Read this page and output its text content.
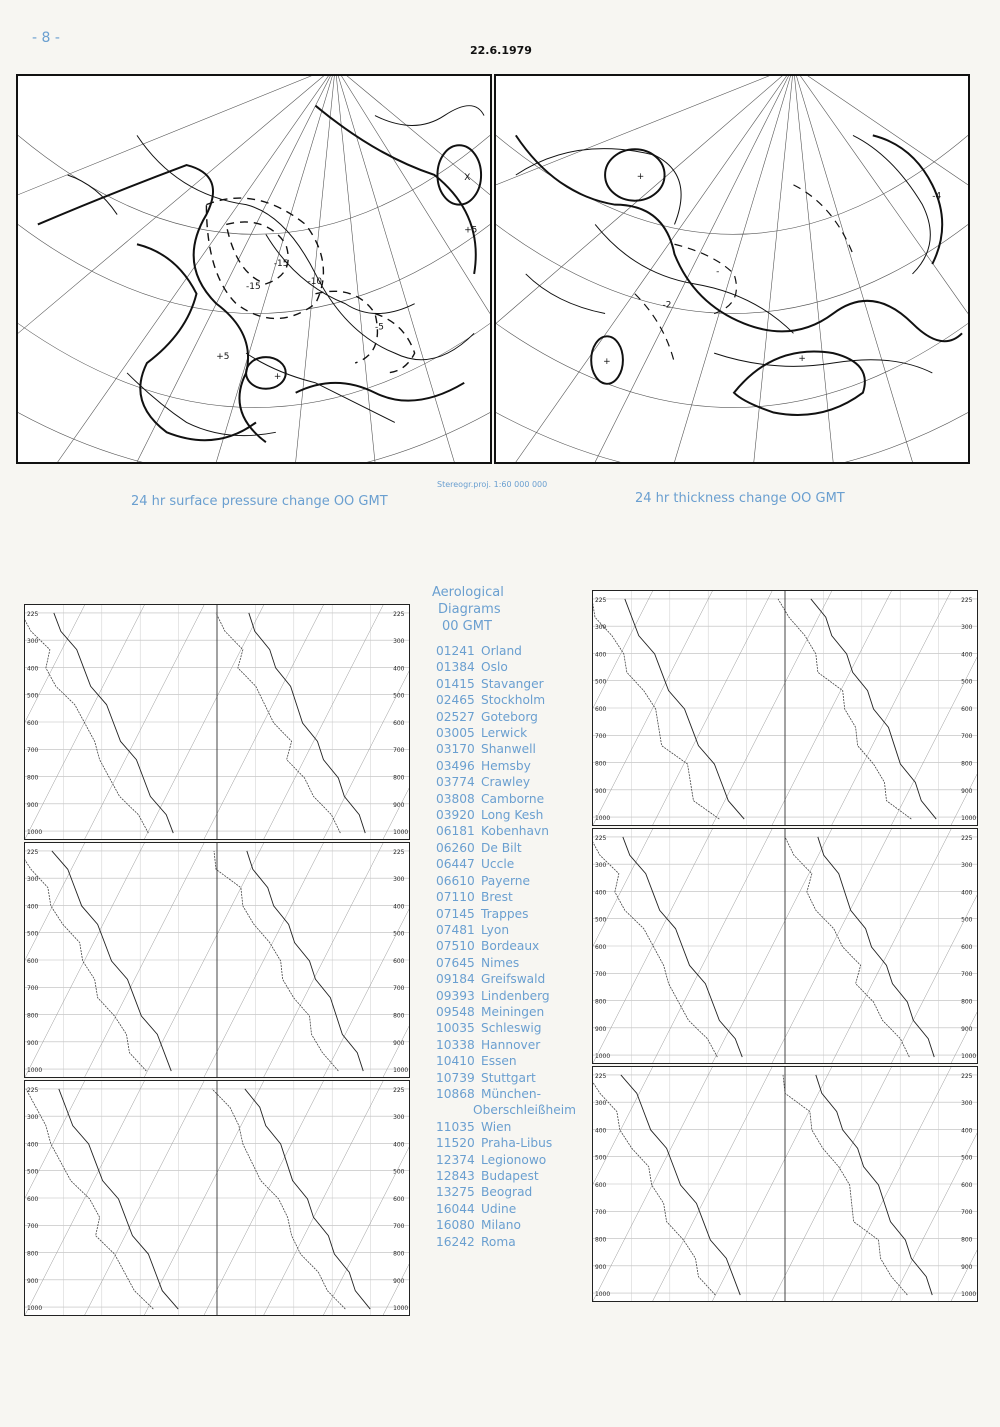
- 8 -
22.6.1979
X
-15
-15	-10
-5
+5
+5
+
+
+
+
-
-2
-4
Stereogr.proj. 1:60 000 000
24 hr surface pressure change OO GMT	24 hr thickness change OO GMT
Aerological
Diagrams
00 GMT
01241 Orland
01384 Oslo
01415 Stavanger
02465 Stockholm
02527 Goteborg
03005 Lerwick
03170 Shanwell
03496 Hemsby
03774 Crawley
03808 Camborne
03920 Long Kesh
06181 Kobenhavn
06260 De Bilt
06447 Uccle
06610 Payerne
07110 Brest
07145 Trappes
07481 Lyon
07510 Bordeaux
07645 Nimes
09184 Greifswald
09393 Lindenberg
09548 Meiningen
10035 Schleswig
10338 Hannover
10410 Essen
10739 Stuttgart
10868 München-
Oberschleißheim
11035 Wien
11520 Praha-Libus
12374 Legionowo
12843 Budapest
13275 Beograd
16044 Udine
16080 Milano
16242 Roma
225	225
300	300
400	400
500	500
600	600
700	700
800	800
900	900
1000	1000
225	225
300	300
400	400
500	500
600	600
700	700
800	800
900	900
1000	1000
225	225
300	300
400	400
500	500
600	600
700	700
800	800
900	900
1000	1000
225	225
300	300
400	400
500	500
600	600
700	700
800	800
900	900
1000	1000
225	225
300	300
400	400
500	500
600	600
700	700
800	800
900	900
1000	1000
225	225
300	300
400	400
500	500
600	600
700	700
800	800
900	900
1000	1000
